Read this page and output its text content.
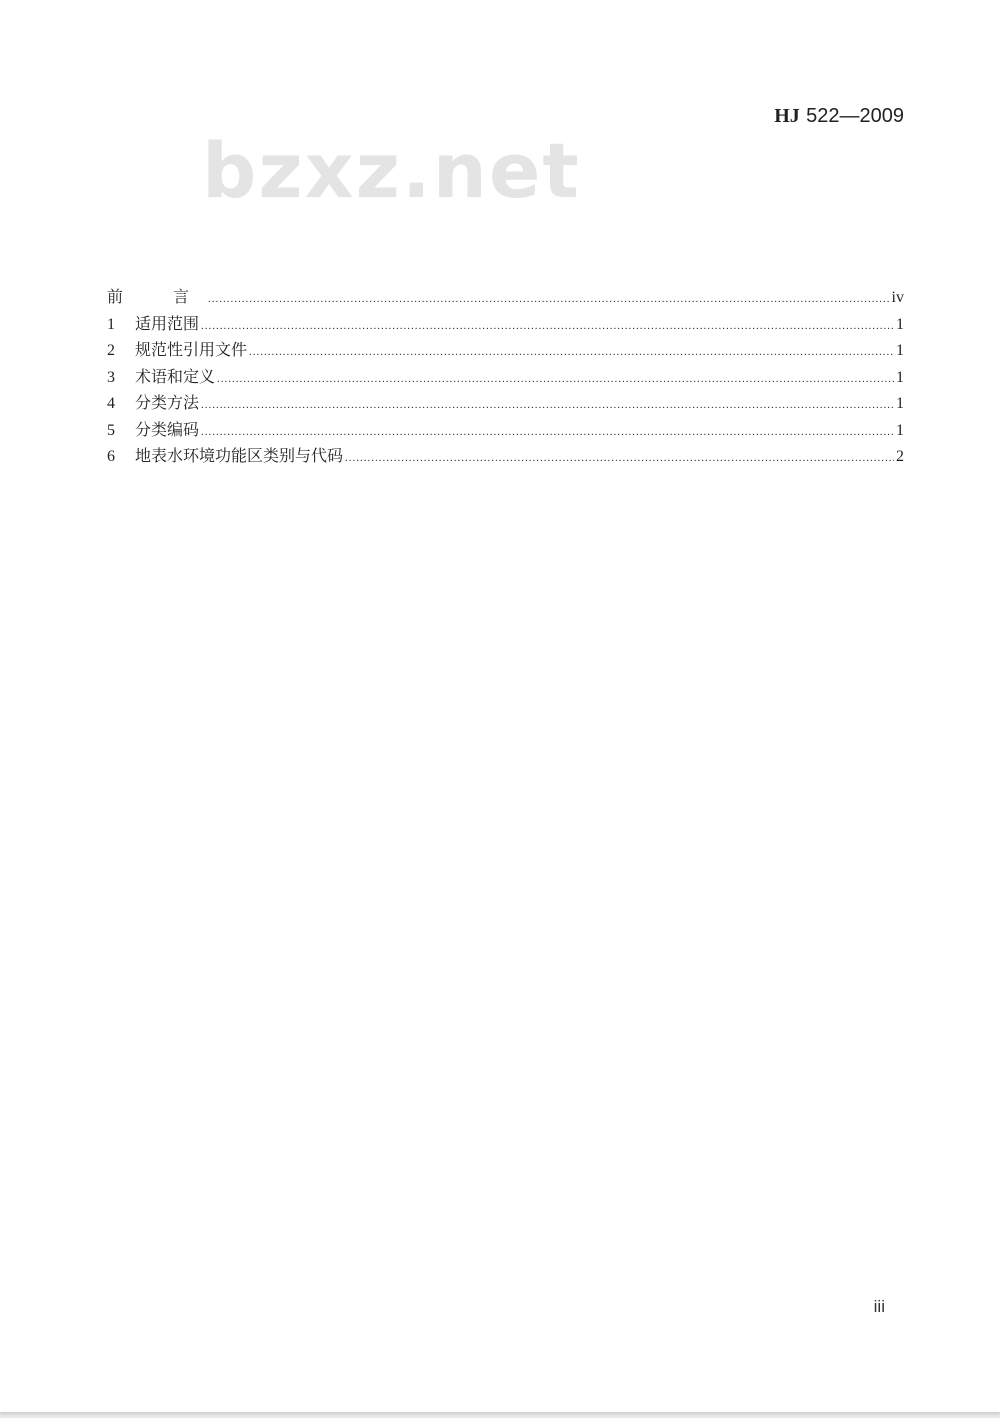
HJ 522—2009
bzxz.net
前　言 .....	iv
1	适用范围 .....	1
2	规范性引用文件 .....	1
3	术语和定义 .....	1
4	分类方法 .....	1
5	分类编码 .....	1
6	地表水环境功能区类别与代码 .....	2
iii
